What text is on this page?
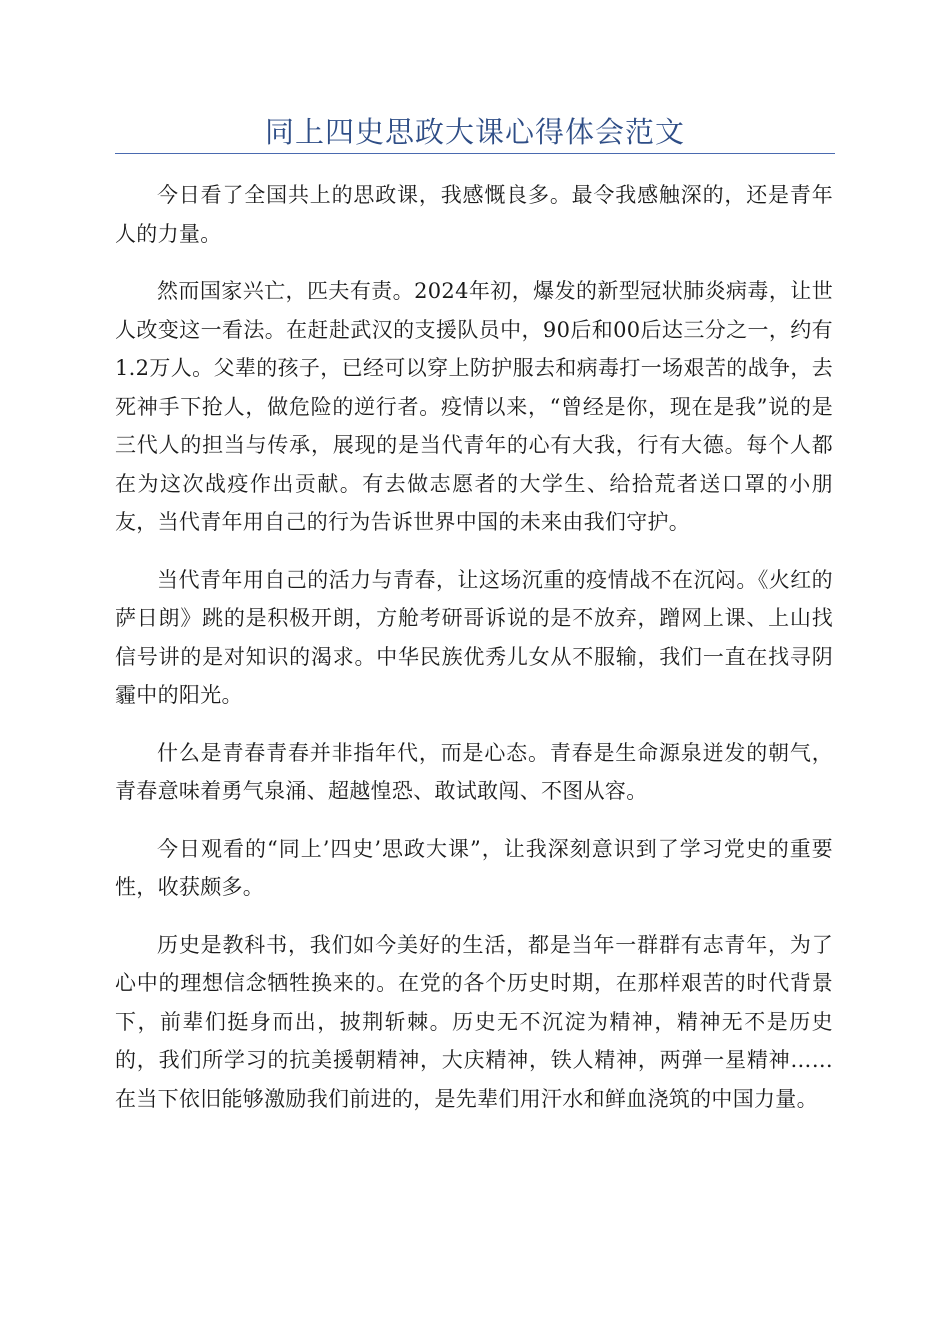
同上四史思政大课心得体会范文

今日看了全国共上的思政课，我感慨良多。最令我感触深的，还是青年人的力量。

然而国家兴亡，匹夫有责。2024年初，爆发的新型冠状肺炎病毒，让世人改变这一看法。在赶赴武汉的支援队员中，90后和00后达三分之一，约有1.2万人。父辈的孩子，已经可以穿上防护服去和病毒打一场艰苦的战争，去死神手下抢人，做危险的逆行者。疫情以来，“曾经是你，现在是我”说的是三代人的担当与传承，展现的是当代青年的心有大我，行有大德。每个人都在为这次战疫作出贡献。有去做志愿者的大学生、给拾荒者送口罩的小朋友，当代青年用自己的行为告诉世界中国的未来由我们守护。

当代青年用自己的活力与青春，让这场沉重的疫情战不在沉闷。《火红的萨日朗》跳的是积极开朗，方舱考研哥诉说的是不放弃，蹭网上课、上山找信号讲的是对知识的渴求。中华民族优秀儿女从不服输，我们一直在找寻阴霾中的阳光。

什么是青春青春并非指年代，而是心态。青春是生命源泉迸发的朝气，青春意味着勇气泉涌、超越惶恐、敢试敢闯、不图从容。

今日观看的“同上’四史’思政大课”，让我深刻意识到了学习党史的重要性，收获颇多。

历史是教科书，我们如今美好的生活，都是当年一群群有志青年，为了心中的理想信念牺牲换来的。在党的各个历史时期，在那样艰苦的时代背景下，前辈们挺身而出，披荆斩棘。历史无不沉淀为精神，精神无不是历史的，我们所学习的抗美援朝精神，大庆精神，铁人精神，两弹一星精神……在当下依旧能够激励我们前进的，是先辈们用汗水和鲜血浇筑的中国力量。
